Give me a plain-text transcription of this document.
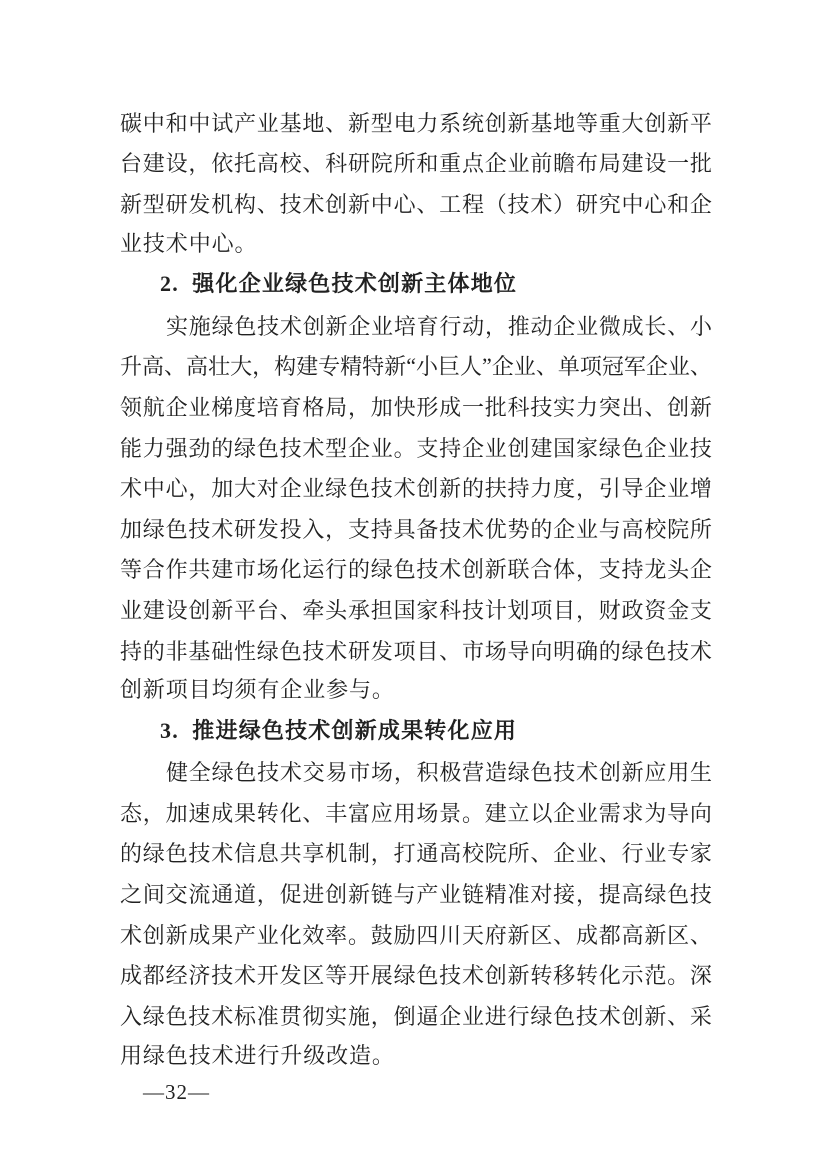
碳 中 和 中 试 产 业 基 地 、 新 型 电 力 系 统 创 新 基 地 等 重 大 创 新 平
台 建 设 ， 依 托 高 校 、 科 研 院 所 和 重 点 企 业 前 瞻 布 局 建 设 一 批
新 型 研 发 机 构 、 技 术 创 新 中 心 、 工 程 （ 技 术 ） 研 究 中 心 和 企
业技术中心。
2.  强化企业绿色技术创新主体地位
实 施 绿 色 技 术 创 新 企 业 培 育 行 动 ， 推 动 企 业 微 成 长 、 小
升 高 、 高 壮 大 ， 构 建 专 精 特 新 “ 小 巨 人 ” 企 业 、 单 项 冠 军 企 业 、
领 航 企 业 梯 度 培 育 格 局 ， 加 快 形 成 一 批 科 技 实 力 突 出 、 创 新
能 力 强 劲 的 绿 色 技 术 型 企 业 。 支 持 企 业 创 建 国 家 绿 色 企 业 技
术 中 心 ， 加 大 对 企 业 绿 色 技 术 创 新 的 扶 持 力 度 ， 引 导 企 业 增
加 绿 色 技 术 研 发 投 入 ， 支 持 具 备 技 术 优 势 的 企 业 与 高 校 院 所
等 合 作 共 建 市 场 化 运 行 的 绿 色 技 术 创 新 联 合 体 ， 支 持 龙 头 企
业 建 设 创 新 平 台 、 牵 头 承 担 国 家 科 技 计 划 项 目 ， 财 政 资 金 支
持 的 非 基 础 性 绿 色 技 术 研 发 项 目 、 市 场 导 向 明 确 的 绿 色 技 术
创新项目均须有企业参与。
3.  推进绿色技术创新成果转化应用
健 全 绿 色 技 术 交 易 市 场 ， 积 极 营 造 绿 色 技 术 创 新 应 用 生
态 ， 加 速 成 果 转 化 、 丰 富 应 用 场 景 。 建 立 以 企 业 需 求 为 导 向
的 绿 色 技 术 信 息 共 享 机 制 ， 打 通 高 校 院 所 、 企 业 、 行 业 专 家
之 间 交 流 通 道 ， 促 进 创 新 链 与 产 业 链 精 准 对 接 ， 提 高 绿 色 技
术 创 新 成 果 产 业 化 效 率 。 鼓 励 四 川 天 府 新 区 、 成 都 高 新 区 、
成 都 经 济 技 术 开 发 区 等 开 展 绿 色 技 术 创 新 转 移 转 化 示 范 。 深
入 绿 色 技 术 标 准 贯 彻 实 施 ， 倒 逼 企 业 进 行 绿 色 技 术 创 新 、 采
用绿色技术进行升级改造。
—32—
